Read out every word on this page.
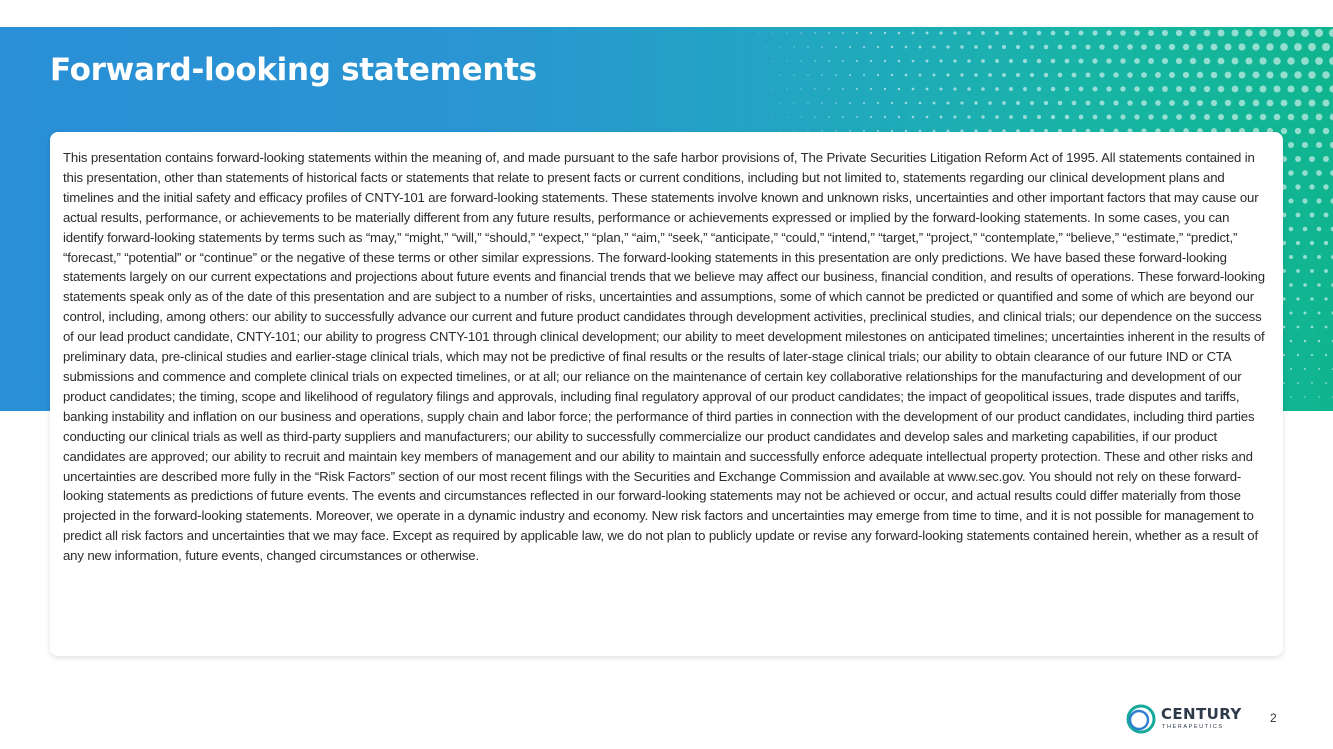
Forward-looking statements

This presentation contains forward-looking statements within the meaning of, and made pursuant to the safe harbor provisions of, The Private Securities Litigation Reform Act of 1995. All statements contained in this presentation, other than statements of historical facts or statements that relate to present facts or current conditions, including but not limited to, statements regarding our clinical development plans and timelines and the initial safety and efficacy profiles of CNTY-101 are forward-looking statements. These statements involve known and unknown risks, uncertainties and other important factors that may cause our actual results, performance, or achievements to be materially different from any future results, performance or achievements expressed or implied by the forward-looking statements. In some cases, you can identify forward-looking statements by terms such as “may,” “might,” “will,” “should,” “expect,” “plan,” “aim,” “seek,” “anticipate,” “could,” “intend,” “target,” “project,” “contemplate,” “believe,” “estimate,” “predict,” “forecast,” “potential” or “continue” or the negative of these terms or other similar expressions. The forward-looking statements in this presentation are only predictions. We have based these forward-looking statements largely on our current expectations and projections about future events and financial trends that we believe may affect our business, financial condition, and results of operations. These forward-looking statements speak only as of the date of this presentation and are subject to a number of risks, uncertainties and assumptions, some of which cannot be predicted or quantified and some of which are beyond our control, including, among others: our ability to successfully advance our current and future product candidates through development activities, preclinical studies, and clinical trials; our dependence on the success of our lead product candidate, CNTY-101; our ability to progress CNTY-101 through clinical development; our ability to meet development milestones on anticipated timelines; uncertainties inherent in the results of preliminary data, pre-clinical studies and earlier-stage clinical trials, which may not be predictive of final results or the results of later-stage clinical trials; our ability to obtain clearance of our future IND or CTA submissions and commence and complete clinical trials on expected timelines, or at all; our reliance on the maintenance of certain key collaborative relationships for the manufacturing and development of our product candidates; the timing, scope and likelihood of regulatory filings and approvals, including final regulatory approval of our product candidates; the impact of geopolitical issues, trade disputes and tariffs, banking instability and inflation on our business and operations, supply chain and labor force; the performance of third parties in connection with the development of our product candidates, including third parties conducting our clinical trials as well as third-party suppliers and manufacturers; our ability to successfully commercialize our product candidates and develop sales and marketing capabilities, if our product candidates are approved; our ability to recruit and maintain key members of management and our ability to maintain and successfully enforce adequate intellectual property protection. These and other risks and uncertainties are described more fully in the “Risk Factors” section of our most recent filings with the Securities and Exchange Commission and available at www.sec.gov. You should not rely on these forward-looking statements as predictions of future events. The events and circumstances reflected in our forward-looking statements may not be achieved or occur, and actual results could differ materially from those projected in the forward-looking statements. Moreover, we operate in a dynamic industry and economy. New risk factors and uncertainties may emerge from time to time, and it is not possible for management to predict all risk factors and uncertainties that we may face. Except as required by applicable law, we do not plan to publicly update or revise any forward-looking statements contained herein, whether as a result of any new information, future events, changed circumstances or otherwise.

CENTURY
THERAPEUTICS
2
